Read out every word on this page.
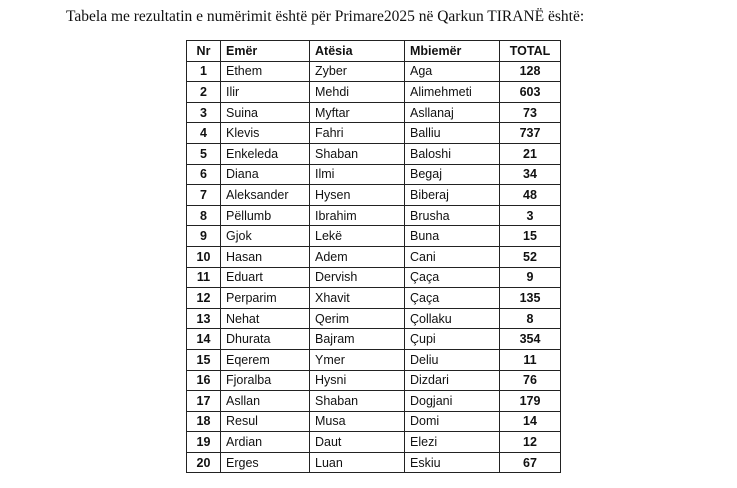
Tabela me rezultatin e numërimit është për Primare2025 në Qarkun TIRANË është:
Nr	Emër	Atësia	Mbiemër	TOTAL
1	Ethem	Zyber	Aga	128
2	Ilir	Mehdi	Alimehmeti	603
3	Suina	Myftar	Asllanaj	73
4	Klevis	Fahri	Balliu	737
5	Enkeleda	Shaban	Baloshi	21
6	Diana	Ilmi	Begaj	34
7	Aleksander	Hysen	Biberaj	48
8	Pëllumb	Ibrahim	Brusha	3
9	Gjok	Lekë	Buna	15
10	Hasan	Adem	Cani	52
11	Eduart	Dervish	Çaça	9
12	Perparim	Xhavit	Çaça	135
13	Nehat	Qerim	Çollaku	8
14	Dhurata	Bajram	Çupi	354
15	Eqerem	Ymer	Deliu	11
16	Fjoralba	Hysni	Dizdari	76
17	Asllan	Shaban	Dogjani	179
18	Resul	Musa	Domi	14
19	Ardian	Daut	Elezi	12
20	Erges	Luan	Eskiu	67
